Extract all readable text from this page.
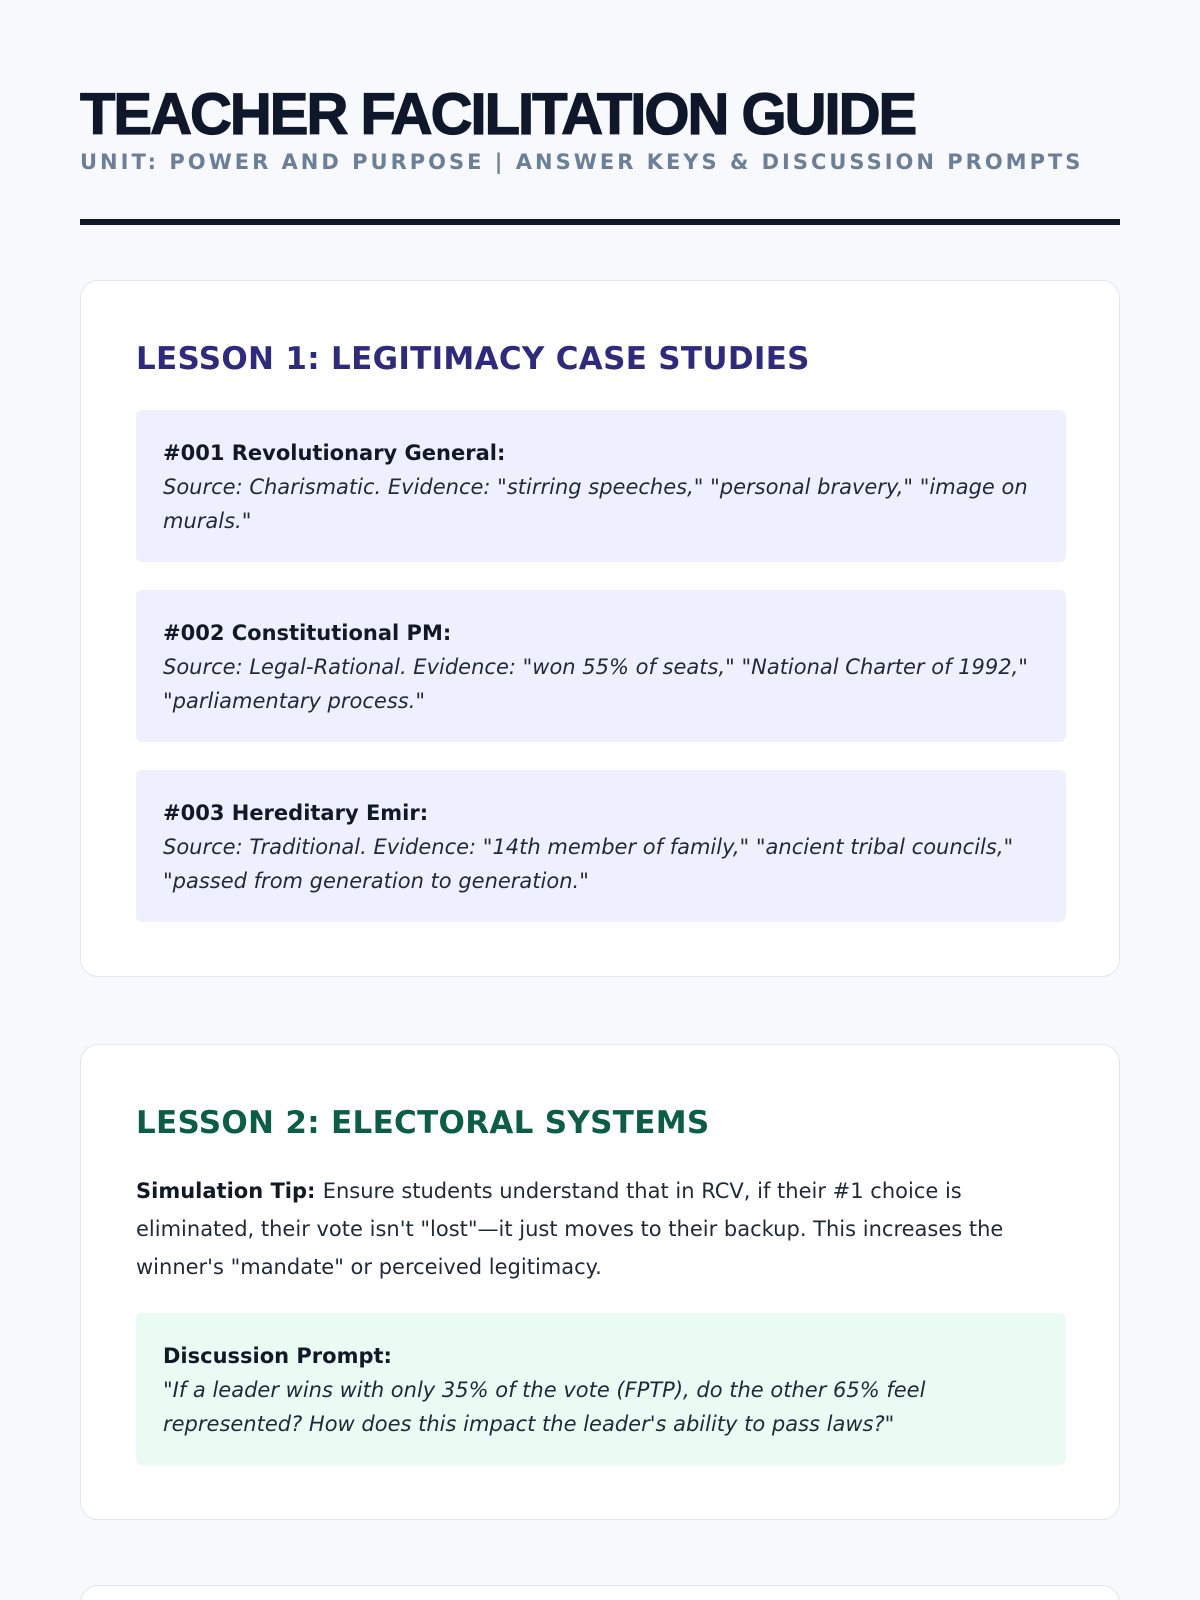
TEACHER FACILITATION GUIDE
UNIT: POWER AND PURPOSE | ANSWER KEYS & DISCUSSION PROMPTS
LESSON 1: LEGITIMACY CASE STUDIES
#001 Revolutionary General:
Source: Charismatic. Evidence: "stirring speeches," "personal bravery," "image on murals."
#002 Constitutional PM:
Source: Legal-Rational. Evidence: "won 55% of seats," "National Charter of 1992," "parliamentary process."
#003 Hereditary Emir:
Source: Traditional. Evidence: "14th member of family," "ancient tribal councils," "passed from generation to generation."
LESSON 2: ELECTORAL SYSTEMS
Simulation Tip: Ensure students understand that in RCV, if their #1 choice is eliminated, their vote isn't "lost"—it just moves to their backup. This increases the winner's "mandate" or perceived legitimacy.
Discussion Prompt:
"If a leader wins with only 35% of the vote (FPTP), do the other 65% feel represented? How does this impact the leader's ability to pass laws?"
